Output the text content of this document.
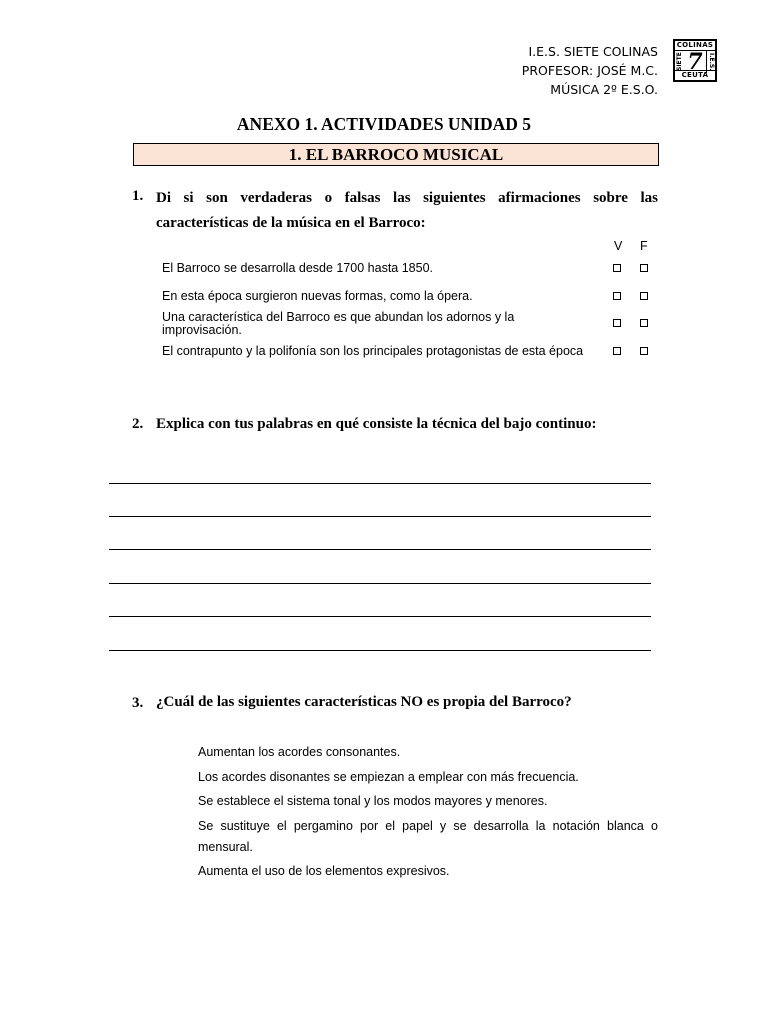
I.E.S. SIETE COLINAS
PROFESOR: JOSÉ M.C.
MÚSICA 2º E.S.O.
COLINAS
SIETE 7 I.E.S.
CEUTA
ANEXO 1. ACTIVIDADES UNIDAD 5
1. EL BARROCO MUSICAL
1. Di si son verdaderas o falsas las siguientes afirmaciones sobre las
características de la música en el Barroco:
V F
El Barroco se desarrolla desde 1700 hasta 1850.
En esta época surgieron nuevas formas, como la ópera.
Una característica del Barroco es que abundan los adornos y la improvisación.
El contrapunto y la polifonía son los principales protagonistas de esta época
2. Explica con tus palabras en qué consiste la técnica del bajo continuo:
3. ¿Cuál de las siguientes características NO es propia del Barroco?
Aumentan los acordes consonantes.
Los acordes disonantes se empiezan a emplear con más frecuencia.
Se establece el sistema tonal y los modos mayores y menores.
Se sustituye el pergamino por el papel y se desarrolla la notación blanca o mensural.
Aumenta el uso de los elementos expresivos.
